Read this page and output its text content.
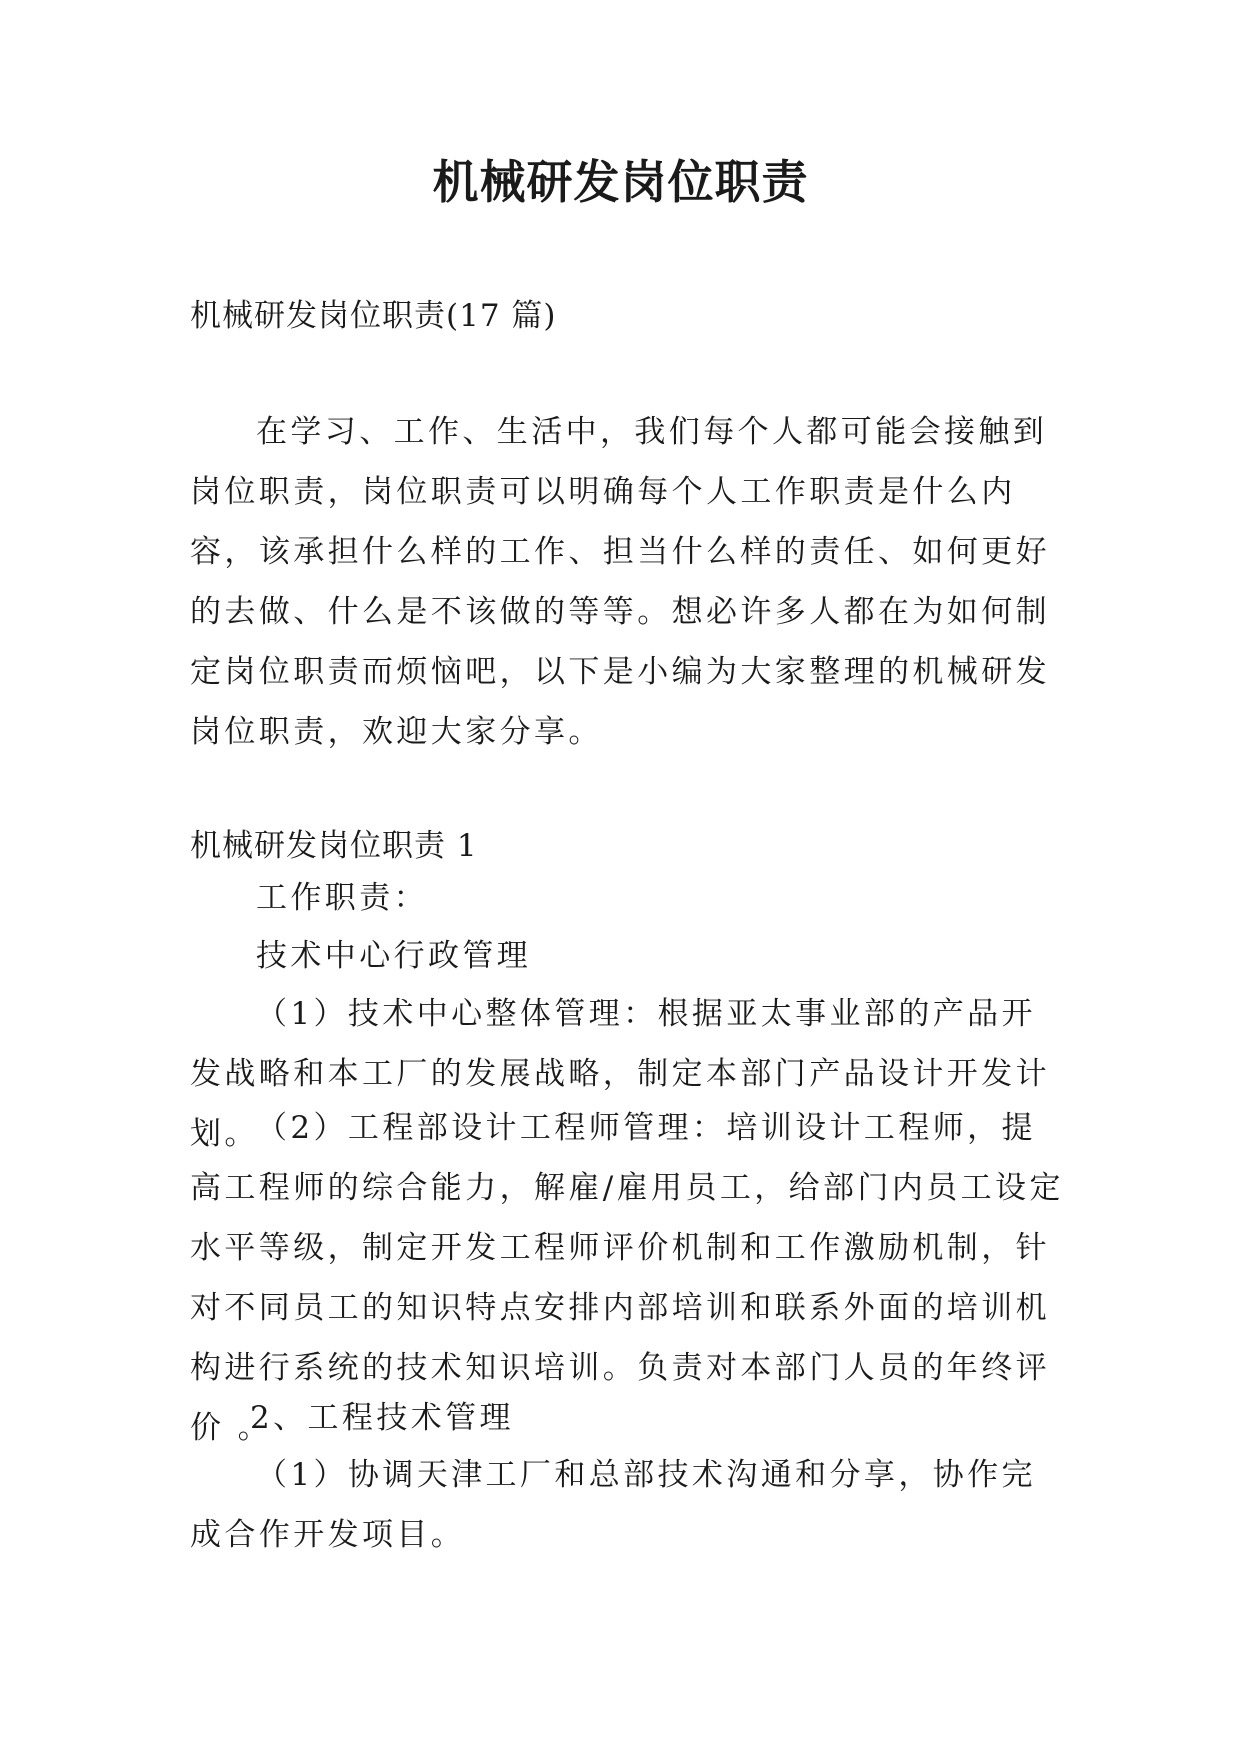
机械研发岗位职责

机械研发岗位职责(17 篇)

在学习、工作、生活中，我们每个人都可能会接触到岗位职责，岗位职责可以明确每个人工作职责是什么内容，该承担什么样的工作、担当什么样的责任、如何更好的去做、什么是不该做的等等。想必许多人都在为如何制定岗位职责而烦恼吧，以下是小编为大家整理的机械研发岗位职责，欢迎大家分享。

机械研发岗位职责 1

工作职责：

技术中心行政管理

（1）技术中心整体管理：根据亚太事业部的产品开发战略和本工厂的发展战略，制定本部门产品设计开发计划。

（2）工程部设计工程师管理：培训设计工程师，提高工程师的综合能力，解雇/雇用员工，给部门内员工设定水平等级，制定开发工程师评价机制和工作激励机制，针对不同员工的知识特点安排内部培训和联系外面的培训机构进行系统的技术知识培训。负责对本部门人员的年终评价 。

2、工程技术管理

（1）协调天津工厂和总部技术沟通和分享，协作完成合作开发项目。
